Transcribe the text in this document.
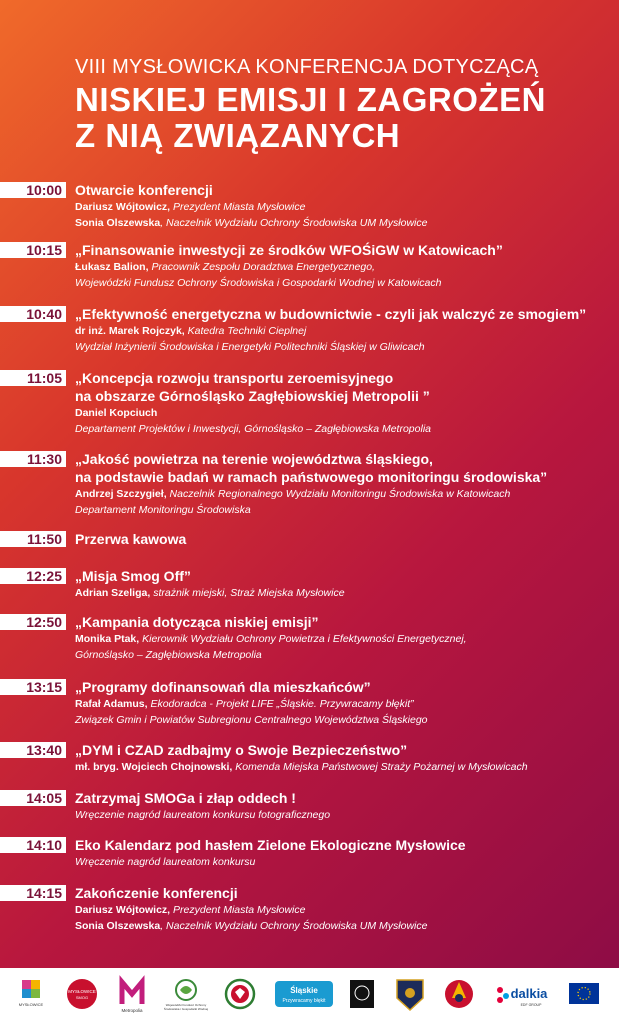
VIII MYSŁOWICKA KONFERENCJA DOTYCZĄCĄ
NISKIEJ EMISJI I ZAGROŻEŃ
Z NIĄ ZWIĄZANYCH
10:00 Otwarcie konferencji
Dariusz Wójtowicz, Prezydent Miasta Mysłowice
Sonia Olszewska, Naczelnik Wydziału Ochrony Środowiska UM Mysłowice
10:15 „Finansowanie inwestycji ze środków WFOŚiGW w Katowicach”
Łukasz Balion, Pracownik Zespołu Doradztwa Energetycznego,
Wojewódzki Fundusz Ochrony Środowiska i Gospodarki Wodnej w Katowicach
10:40 „Efektywność energetyczna w budownictwie - czyli jak walczyć ze smogiem”
dr inż. Marek Rojczyk, Katedra Techniki Cieplnej
Wydział Inżynierii Środowiska i Energetyki Politechniki Śląskiej w Gliwicach
11:05 „Koncepcja rozwoju transportu zeroemisyjnego
na obszarze Górnośląsko Zagłębiowskiej Metropolii ”
Daniel Kopciuch
Departament Projektów i Inwestycji, Górnośląsko – Zagłębiowska Metropolia
11:30 „Jakość powietrza na terenie województwa śląskiego,
na podstawie badań w ramach państwowego monitoringu środowiska”
Andrzej Szczygieł, Naczelnik Regionalnego Wydziału Monitoringu Środowiska w Katowicach
Departament Monitoringu Środowiska
11:50 Przerwa kawowa
12:25 „Misja Smog Off”
Adrian Szeliga, strażnik miejski, Straż Miejska Mysłowice
12:50 „Kampania dotycząca niskiej emisji”
Monika Ptak, Kierownik Wydziału Ochrony Powietrza i Efektywności Energetycznej,
Górnośląsko – Zagłębiowska Metropolia
13:15 „Programy dofinansowań dla mieszkańców”
Rafał Adamus, Ekodoradca - Projekt LIFE „Śląskie. Przywracamy błękit”
Związek Gmin i Powiatów Subregionu Centralnego Województwa Śląskiego
13:40 „DYM i CZAD zadbajmy o Swoje Bezpieczeństwo”
mł. bryg. Wojciech Chojnowski, Komenda Miejska Państwowej Straży Pożarnej w Mysłowicach
14:05 Zatrzymaj SMOGa i złap oddech !
Wręczenie nagród laureatom konkursu fotograficznego
14:10 Eko Kalendarz pod hasłem Zielone Ekologiczne Mysłowice
Wręczenie nagród laureatom konkursu
14:15 Zakończenie konferencji
Dariusz Wójtowicz, Prezydent Miasta Mysłowice
Sonia Olszewska, Naczelnik Wydziału Ochrony Środowiska UM Mysłowice
MYSŁOWICE
MYSŁOWICE
SMOG
Metropolia
Wojewódzki Fundusz Ochrony
Środowiska i Gospodarki Wodnej
Śląskie
Przywracamy błękit	dalkia
EDF GROUP
